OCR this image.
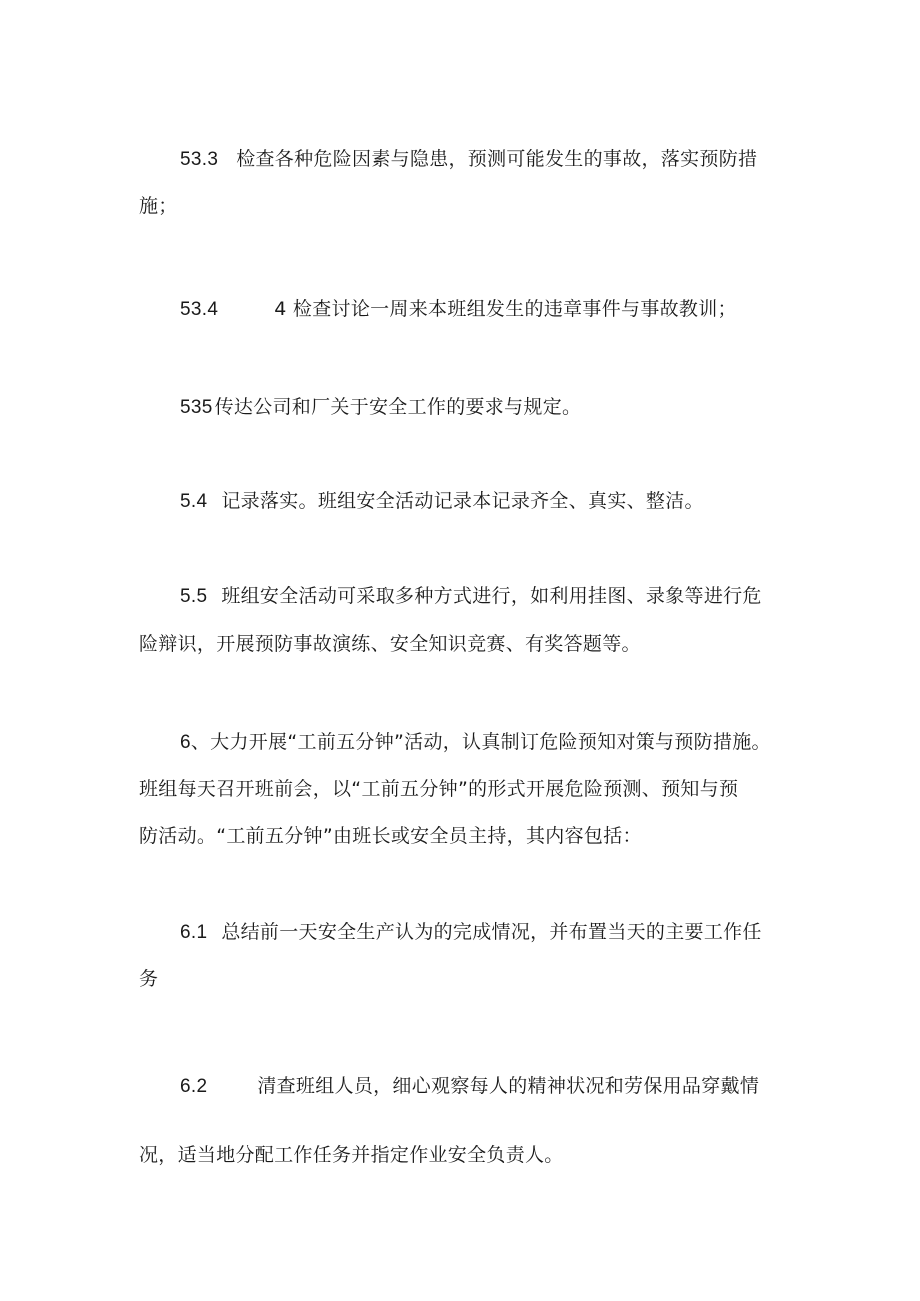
53.3 检查各种危险因素与隐患，预测可能发生的事故，落实预防措
施；
53.4	4 检查讨论一周来本班组发生的违章事件与事故教训；
535 传达公司和厂关于安全工作的要求与规定。
5.4 记录落实。班组安全活动记录本记录齐全、真实、整洁。
5.5 班组安全活动可采取多种方式进行，如利用挂图、录象等进行危
险辩识，开展预防事故演练、安全知识竞赛、有奖答题等。
6、大力开展“工前五分钟”活动，认真制订危险预知对策与预防措施。
班组每天召开班前会，以“工前五分钟”的形式开展危险预测、预知与预
防活动。“工前五分钟”由班长或安全员主持，其内容包括：
6.1 总结前一天安全生产认为的完成情况，并布置当天的主要工作任
务
6.2	清查班组人员，细心观察每人的精神状况和劳保用品穿戴情
况，适当地分配工作任务并指定作业安全负责人。
